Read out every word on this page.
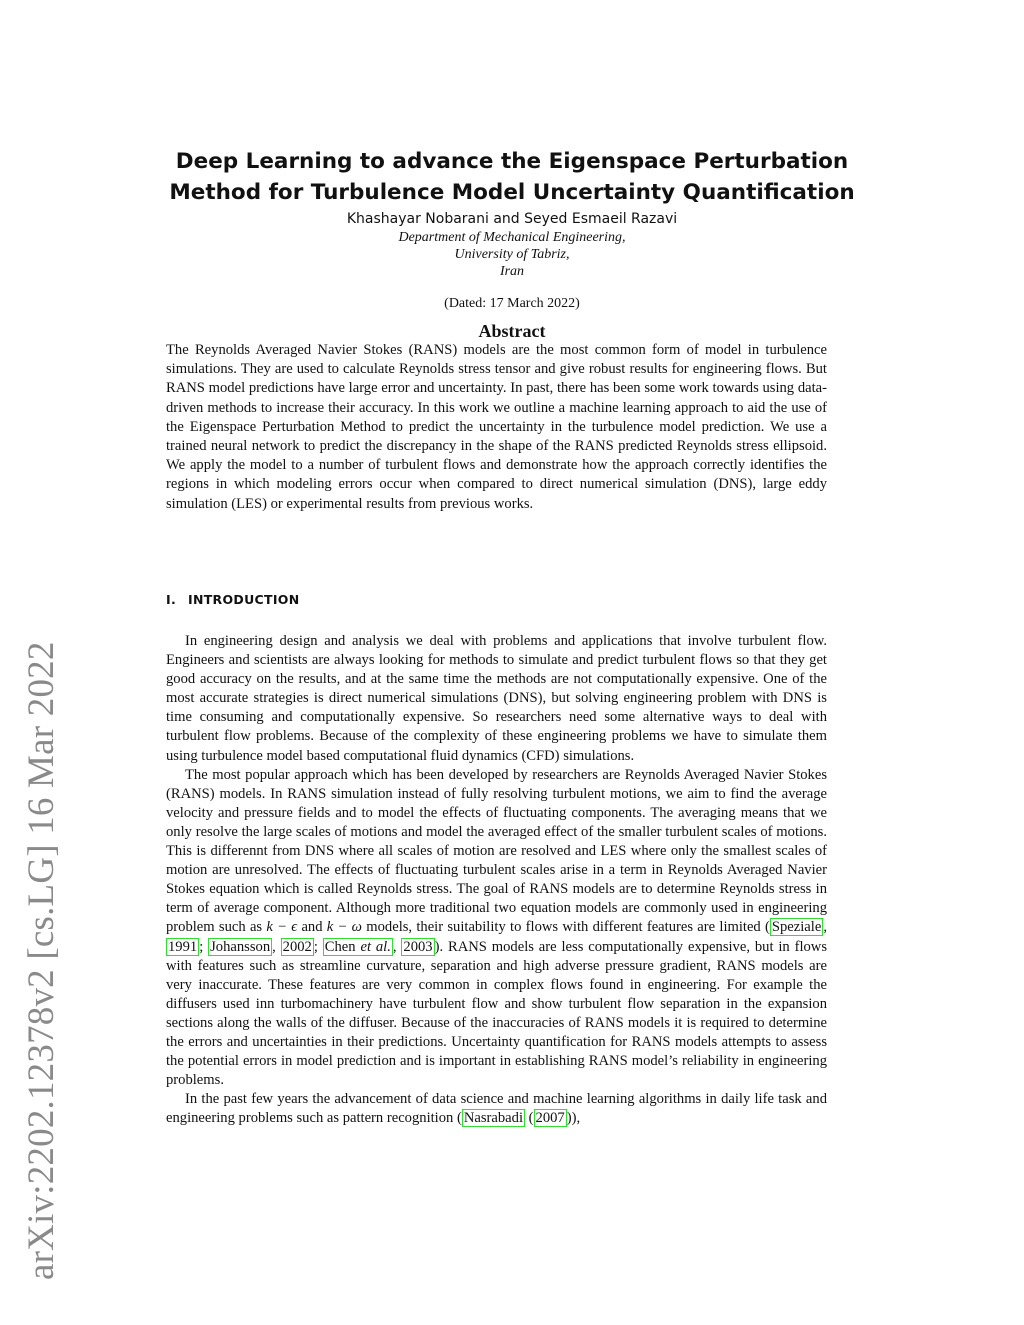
arXiv:2202.12378v2 [cs.LG] 16 Mar 2022
Deep Learning to advance the Eigenspace Perturbation
Method for Turbulence Model Uncertainty Quantification
Khashayar Nobarani and Seyed Esmaeil Razavi
Department of Mechanical Engineering,
University of Tabriz,
Iran
(Dated: 17 March 2022)
Abstract
The Reynolds Averaged Navier Stokes (RANS) models are the most common form of model in turbulence simulations. They are used to calculate Reynolds stress tensor and give robust results for engineering flows. But RANS model predictions have large error and uncertainty. In past, there has been some work towards using data-driven methods to increase their accuracy. In this work we outline a machine learning approach to aid the use of the Eigenspace Perturbation Method to predict the uncertainty in the turbulence model prediction. We use a trained neural network to predict the discrepancy in the shape of the RANS predicted Reynolds stress ellipsoid. We apply the model to a number of turbulent flows and demonstrate how the approach correctly identifies the regions in which modeling errors occur when compared to direct numerical simulation (DNS), large eddy simulation (LES) or experimental results from previous works.
I. INTRODUCTION

In engineering design and analysis we deal with problems and applications that involve turbulent flow. Engineers and scientists are always looking for methods to simulate and predict turbulent flows so that they get good accuracy on the results, and at the same time the methods are not computationally expensive. One of the most accurate strategies is direct numerical simulations (DNS), but solving engineering problem with DNS is time consuming and computationally expensive. So researchers need some alternative ways to deal with turbulent flow problems. Because of the complexity of these engineering problems we have to simulate them using turbulence model based computational fluid dynamics (CFD) simulations.

The most popular approach which has been developed by researchers are Reynolds Averaged Navier Stokes (RANS) models. In RANS simulation instead of fully resolving turbulent motions, we aim to find the average velocity and pressure fields and to model the effects of fluctuating components. The averaging means that we only resolve the large scales of motions and model the averaged effect of the smaller turbulent scales of motions. This is differennt from DNS where all scales of motion are resolved and LES where only the smallest scales of motion are unresolved. The effects of fluctuating turbulent scales arise in a term in Reynolds Averaged Navier Stokes equation which is called Reynolds stress. The goal of RANS models are to determine Reynolds stress in term of average component. Although more traditional two equation models are commonly used in engineering problem such as k − ϵ and k − ω models, their suitability to flows with different features are limited ( Speziale , 1991 ; Johansson , 2002 ; Chen et al. , 2003 ). RANS models are less computationally expensive, but in flows with features such as streamline curvature, separation and high adverse pressure gradient, RANS models are very inaccurate. These features are very common in complex flows found in engineering. For example the diffusers used inn turbomachinery have turbulent flow and show turbulent flow separation in the expansion sections along the walls of the diffuser. Because of the inaccuracies of RANS models it is required to determine the errors and uncertainties in their predictions. Uncertainty quantification for RANS models attempts to assess the potential errors in model prediction and is important in establishing RANS model’s reliability in engineering problems.

In the past few years the advancement of data science and machine learning algorithms in daily life task and engineering problems such as pattern recognition ( Nasrabadi ( 2007 )),
